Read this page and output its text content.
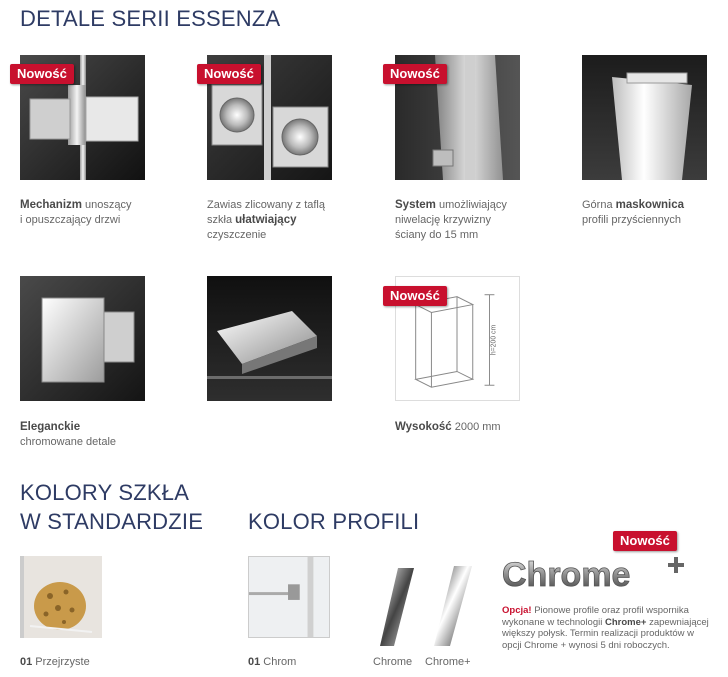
DETALE SERII ESSENZA
Nowość
Mechanizm unoszący
i opuszczający drzwi
Nowość
Zawias zlicowany z taflą
szkła ułatwiający
czyszczenie
Nowość
System umożliwiający
niwelację krzywizny
ściany do 15 mm
Górna maskownica
profili przyściennych
Eleganckie
chromowane detale
h=200 cm
Nowość
Wysokość 2000 mm
KOLORY SZKŁA
W STANDARDZIE KOLOR PROFILI
01 Przejrzyste	01 Chrom	Chrome Chrome+
Nowość
Chrome
Opcja! Pionowe profile oraz profil wspornika wykonane w technologii Chrome+ zapewniającej większy połysk. Termin realizacji produktów w opcji Chrome + wynosi 5 dni roboczych.
